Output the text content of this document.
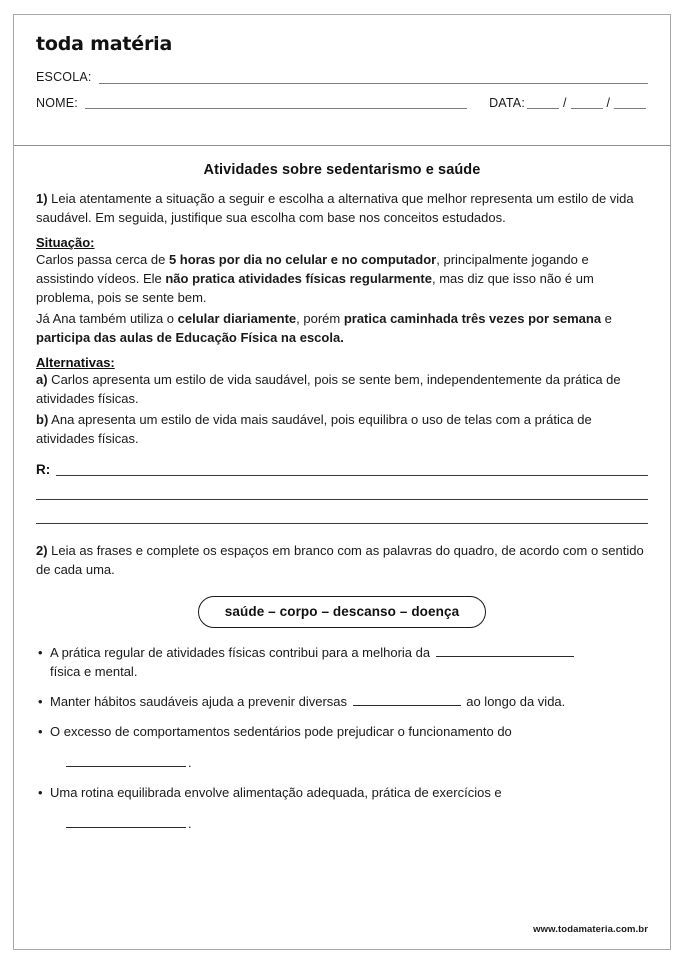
toda matéria
ESCOLA:
NOME:	DATA:	/	/
Atividades sobre sedentarismo e saúde

1) Leia atentamente a situação a seguir e escolha a alternativa que melhor representa um estilo de vida saudável. Em seguida, justifique sua escolha com base nos conceitos estudados.

Situação:

Carlos passa cerca de 5 horas por dia no celular e no computador, principalmente jogando e assistindo vídeos. Ele não pratica atividades físicas regularmente, mas diz que isso não é um problema, pois se sente bem.

Já Ana também utiliza o celular diariamente, porém pratica caminhada três vezes por semana e participa das aulas de Educação Física na escola.

Alternativas:

a) Carlos apresenta um estilo de vida saudável, pois se sente bem, independentemente da prática de atividades físicas.

b) Ana apresenta um estilo de vida mais saudável, pois equilibra o uso de telas com a prática de atividades físicas.

R:

2) Leia as frases e complete os espaços em branco com as palavras do quadro, de acordo com o sentido de cada uma.

saúde – corpo – descanso – doença
• A prática regular de atividades físicas contribui para a melhoria da
física e mental.
• Manter hábitos saudáveis ajuda a prevenir diversas	ao longo da vida.
• O excesso de comportamentos sedentários pode prejudicar o funcionamento do
.
• Uma rotina equilibrada envolve alimentação adequada, prática de exercícios e
.
www.todamateria.com.br
